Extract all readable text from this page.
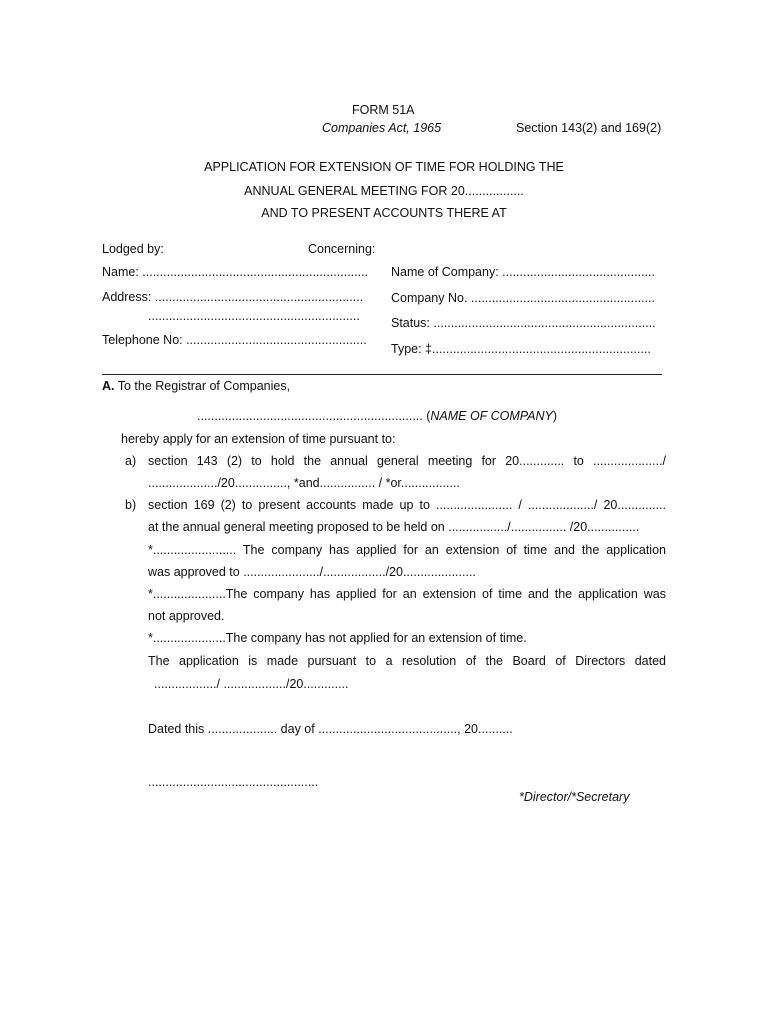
FORM 51A
Companies Act, 1965	Section 143(2) and 169(2)
APPLICATION FOR EXTENSION OF TIME FOR HOLDING THE
ANNUAL GENERAL MEETING FOR 20.................
AND TO PRESENT ACCOUNTS THERE AT
Lodged by:	Concerning:
Name: .................................................................
Address: ............................................................
.............................................................
Telephone No: ....................................................
Name of Company: ............................................
Company No. .....................................................
Status: ................................................................
Type: ‡...............................................................
A. To the Registrar of Companies,
................................................................. (NAME OF COMPANY)
hereby apply for an extension of time pursuant to:
a) section 143 (2) to hold the annual general meeting for 20............. to ..................../
..................../20..............., *and................ / *or.................
b) section 169 (2) to present accounts made up to ...................... / .................../ 20..............
at the annual general meeting proposed to be held on ................./................ /20...............
*........................ The company has applied for an extension of time and the application
was approved to ....................../................../20.....................
*.....................The company has applied for an extension of time and the application was
not approved.
*.....................The company has not applied for an extension of time.
The application is made pursuant to a resolution of the Board of Directors dated
................../ ................../20.............
Dated this .................... day of ........................................, 20..........
.................................................
*Director/*Secretary
